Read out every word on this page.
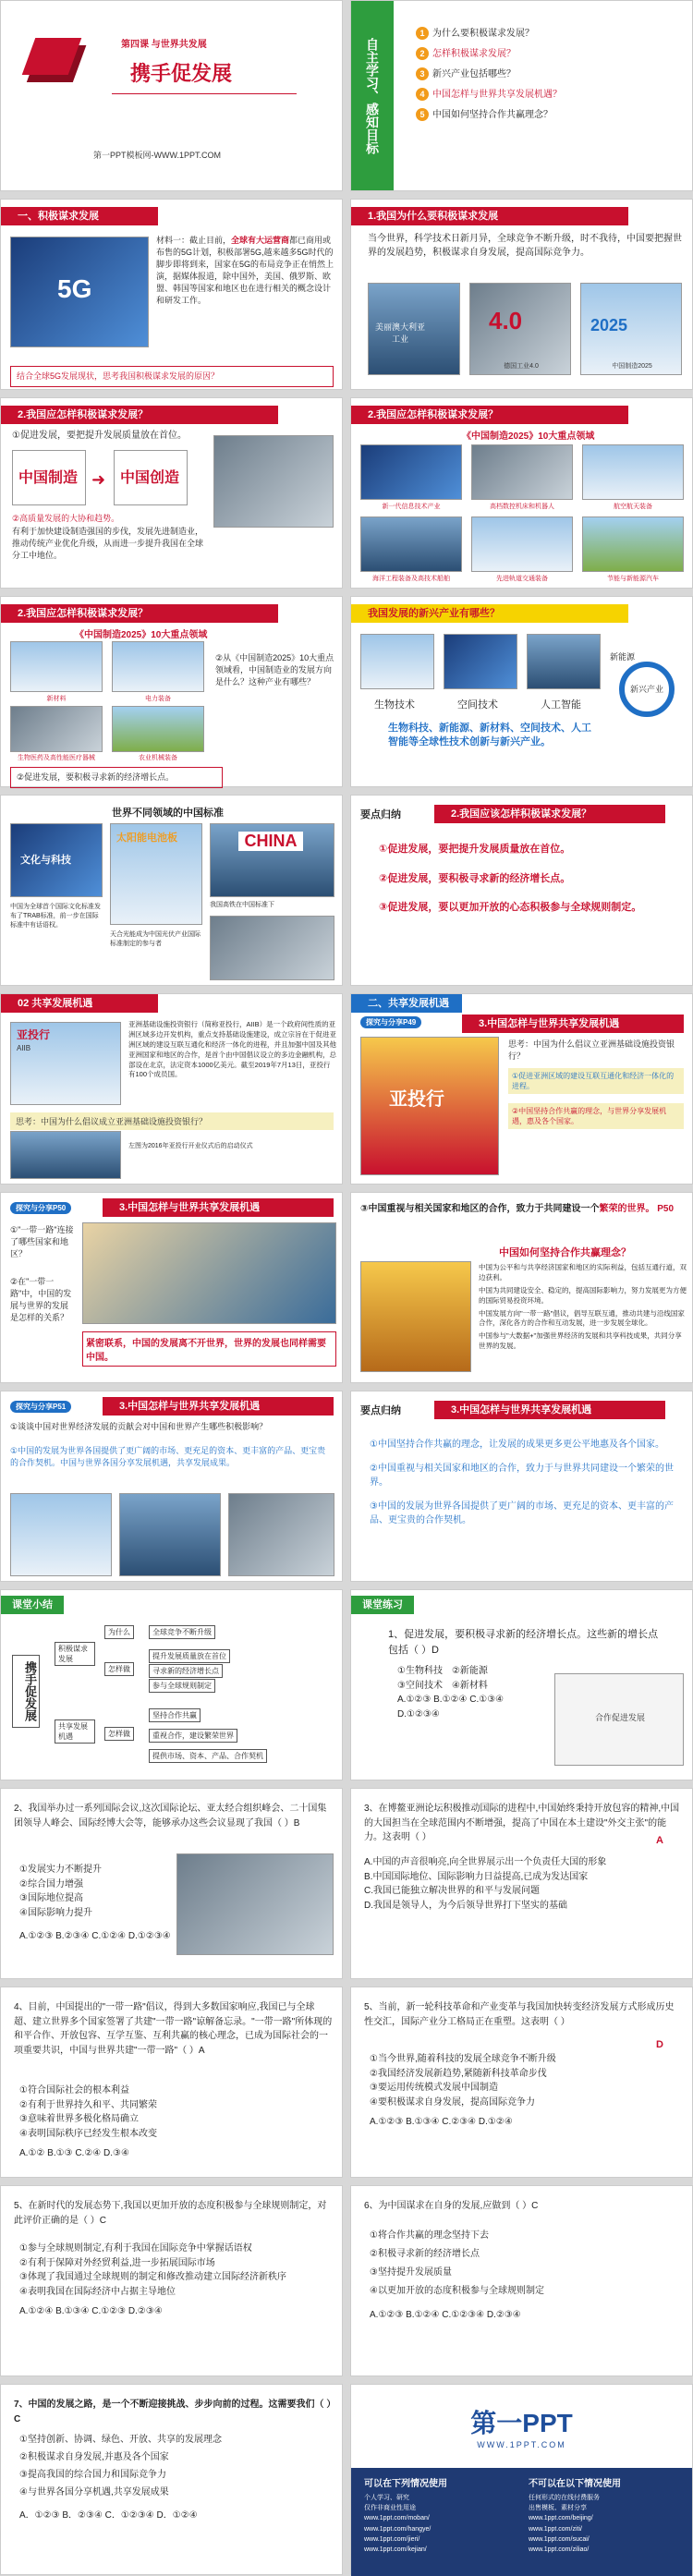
第四课 与世界共发展
携手促发展
第一PPT模板网-WWW.1PPT.COM
自主学习、感知目标
1 为什么要积极谋求发展？
2 怎样积极谋求发展？
3 新兴产业包括哪些？
4 中国怎样与世界共享发展机遇？
5 中国如何坚持合作共赢理念？
一、积极谋求发展
5G
材料一：截止目前，全球有大运营商都已商用或布售的5G计划，积极部署5G,越来越多5G时代的脚步即将到来，国家在5G的布局竞争正在悄然上演，据媒体报道，除中国外，美国、俄罗斯、欧盟、韩国等国家和地区也在进行相关的概念设计和研发工作。
结合全球5G发展现状，思考我国积极谋求发展的原因？
1.我国为什么要积极谋求发展
当今世界，科学技术日新月异，全球竞争不断升级，时不我待，中国要把握世界的发展趋势，积极谋求自身发展，提高国际竞争力。
美丽澳大利亚工业
4.0
德国工业4.0
2025
中国制造2025
2.我国应怎样积极谋求发展？
①促进发展，要把提升发展质量放在首位。
中国制造 ➜ 中国创造
②高质量发展的大协和趋势。
有利于加快建设制造强国的步伐，发展先进制造业，推动传统产业优化升级，从而进一步提升我国在全球分工中地位。
2.我国应怎样积极谋求发展？
《中国制造2025》10大重点领域
新一代信息技术产业	高档数控机床和机器人	航空航天装备
海洋工程装备及高技术船舶	先进轨道交通装备	节能与新能源汽车
2.我国应怎样积极谋求发展？
《中国制造2025》10大重点领域
新材料	电力装备
生物医药及高性能医疗器械	农业机械装备
②从《中国制造2025》10大重点领域看，中国制造业的发展方向是什么？这种产业有哪些？
②促进发展，要积极寻求新的经济增长点。
我国发展的新兴产业有哪些？
生物技术	空间技术	人工智能
新兴产业
新能源
生物科技、新能源、新材料、空间技术、人工智能等全球性技术创新与新兴产业。
世界不同领域的中国标准
文化与科技
中国为全球首个国际文化标准发布了TRAB标准，前一步在国际标准中有话语权。
太阳能电池板
天合光能成为中国光伏产业国际标准制定的参与者
CHINA
我国高铁在中国标准下
要点归纳	2.我国应该怎样积极谋求发展？
①促进发展，要把提升发展质量放在首位。
②促进发展，要积极寻求新的经济增长点。
③促进发展，要以更加开放的心态积极参与全球规则制定。
02 共享发展机遇
亚投行
AIIB
亚洲基础设施投资银行（简称亚投行，AIIB）是一个政府间性质的亚洲区域多边开发机构，重点支持基础设施建设，成立宗旨在于促进亚洲区域的建设互联互通化和经济一体化的进程，并且加强中国及其他亚洲国家和地区的合作，是首个由中国倡议设立的多边金融机构，总部设在北京，法定资本1000亿美元。截至2019年7月13日，亚投行有100个成员国。
思考：中国为什么倡议成立亚洲基础设施投资银行？
左图为2016年亚投行开业仪式后的启动仪式
二、共享发展机遇
3.中国怎样与世界共享发展机遇
探究与分享P49
亚投行
思考：中国为什么倡议立亚洲基础设施投资银行？
①促进亚洲区域的建设互联互通化和经济一体化的进程。
②中国坚持合作共赢的理念，与世界分享发展机遇，惠及各个国家。
探究与分享P50	3.中国怎样与世界共享发展机遇
①"一带一路"连接了哪些国家和地区？
②在"一带一路"中，中国的发展与世界的发展是怎样的关系？
紧密联系，中国的发展离不开世界，世界的发展也同样需要中国。
③中国重视与相关国家和地区的合作，致力于共同建设一个繁荣的世界。 P50
中国如何坚持合作共赢理念？
中国为公平和与共享经济国家和地区的实际利益，包括互通行道，双边获利。
中国为共同建设安全、稳定的，提高国际影响力，努力发展更为方便的国际贸易投资环境。
中国发展方向"一带一路"倡议，倡导互联互通，推动共建与沿线国家合作，深化各方的合作和互动发展，进一步发展全球化。
中国参与"大数据+"加强世界经济的发展和共享科技成果，共同分享世界的发展。
探究与分享P51	3.中国怎样与世界共享发展机遇
①谈谈中国对世界经济发展的贡献会对中国和世界产生哪些积极影响？
①中国的发展为世界各国提供了更广阔的市场、更充足的资本、更丰富的产品、更宝贵的合作契机。中国与世界各国分享发展机遇，共享发展成果。
要点归纳	3.中国怎样与世界共享发展机遇
①中国坚持合作共赢的理念，让发展的成果更多更公平地惠及各个国家。
②中国重视与相关国家和地区的合作，致力于与世界共同建设一个繁荣的世界。
③中国的发展为世界各国提供了更广阔的市场、更充足的资本、更丰富的产品、更宝贵的合作契机。
课堂小结
携手促发展
积极谋求发展
共享发展机遇
为什么
怎样做
怎样做
全球竞争不断升级
提升发展质量放在首位
寻求新的经济增长点
参与全球规则制定
坚持合作共赢
重视合作，建设繁荣世界
提供市场、资本、产品、合作契机
课堂练习
1、促进发展，要积极寻求新的经济增长点。这些新的增长点包括（ ）D
①生物科技　 ②新能源
③空间技术　 ④新材料
A.①②③ B.①②④ C.①③④ D.①②③④	合作促进发展
2、我国举办过一系列国际会议,这次国际论坛、亚太经合组织峰会、二十国集团领导人峰会、国际经博大会等，能够承办这些会议显现了我国（ ）B
①发展实力不断提升
②综合国力增强
③国际地位提高
④国际影响力提升
A.①②③ B.②③④ C.①②④ D.①②③④
3、在博鳌亚洲论坛积极推动国际的进程中,中国始终秉持开放包容的精神,中国的大国担当在全球范围内不断增强，提高了中国在本土建设"外交主张"的能力。这表明（ ）	A
A.中国的声音很响亮,向全世界展示出一个负责任大国的形象
B.中国国际地位、国际影响力日益提高,已成为发达国家
C.我国已能独立解决世界的和平与发展问题
D.我国是领导人，为今后领导世界打下坚实的基础
4、目前，中国提出的"一带一路"倡议，得到大多数国家响应,我国已与全球超、建立世界多个国家签署了共建"一带一路"谅解备忘录。"一带一路"所体现的和平合作、开放包容、互学互鉴、互利共赢的核心理念，已成为国际社会的一项重要共识，中国与世界共建"一带一路"（ ）A
①符合国际社会的根本利益
②有利于世界持久和平、共同繁荣
③意味着世界多极化格局确立
④表明国际秩序已经发生根本改变
A.①② B.①③ C.②④ D.③④
5、当前，新一轮科技革命和产业变革与我国加快转变经济发展方式形成历史性交汇，国际产业分工格局正在重塑。这表明（ ）
D
①当今世界,随着科技的发展全球竞争不断升级
②我国经济发展新趋势,紧随新科技革命步伐
③要运用传统模式发展中国制造
④要积极谋求自身发展，提高国际竞争力
A.①②③ B.①③④ C.②③④ D.①②④
5、在新时代的发展态势下,我国以更加开放的态度积极参与全球规则制定，对此评价正确的是（ ）C
①参与全球规则制定,有利于我国在国际竞争中掌握话语权
②有利于保障对外经贸利益,进一步拓展国际市场
③体现了我国通过全球规则的制定和修改推动建立国际经济新秩序
④表明我国在国际经济中占据主导地位
A.①②④ B.①③④ C.①②③ D.②③④
6、为中国谋求在自身的发展,应做到（ ）C
①将合作共赢的理念坚持下去
②积极寻求新的经济增长点
③坚持提升发展质量
④以更加开放的态度积极参与全球规则制定
A.①②③ B.①②④ C.①②③④ D.②③④
7、中国的发展之路，是一个不断迎接挑战、步步向前的过程。这需要我们（ ）C
①坚持创新、协调、绿色、开放、共享的发展理念
②积极谋求自身发展,并惠及各个国家
③提高我国的综合国力和国际竞争力
④与世界各国分享机遇,共享发展成果
A．①②③ B．②③④ C．①②③④ D．①②④
第一PPT
WWW.1PPT.COM
可以在下列情况使用
个人学习、研究
仅作非商业性用途
www.1ppt.com/moban/
www.1ppt.com/hangye/
www.1ppt.com/jieri/
www.1ppt.com/kejian/
不可以在以下情况使用
任何形式的在线付费服务
出售模板、素材分享
www.1ppt.com/beijing/
www.1ppt.com/ziti/
www.1ppt.com/sucai/
www.1ppt.com/ziliao/
